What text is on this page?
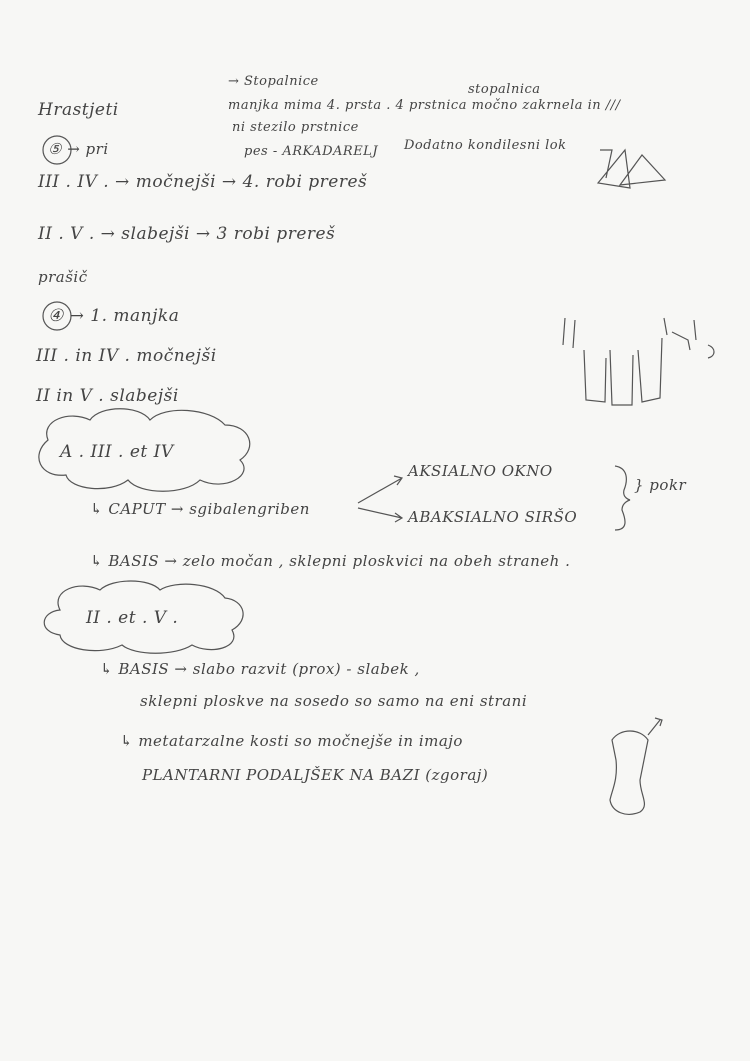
→ Stopalnice
stopalnica
manjka mima 4. prsta . 4 prstnica močno zakrnela in ///
ni stezilo prstnice
Hrastjeti
⑤ → pri	pes - ARKADARELJ Dodatno kondilesni lok
III . IV . → močnejši → 4. robi prereš
II . V . → slabejši → 3 robi prereš
prašič
④ → 1. manjka
III . in IV . močnejši
II in V . slabejši
A . III . et IV
↳ CAPUT → sgibalengriben
AKSIALNO OKNO
ABAKSIALNO SIRŠO
} pokr
↳ BASIS → zelo močan , sklepni ploskvici na obeh straneh .
II . et . V .
↳ BASIS → slabo razvit (prox) - slabek ,
sklepni ploskve na sosedo so samo na eni strani
↳ metatarzalne kosti so močnejše in imajo
PLANTARNI PODALJŠEK NA BAZI (zgoraj)
